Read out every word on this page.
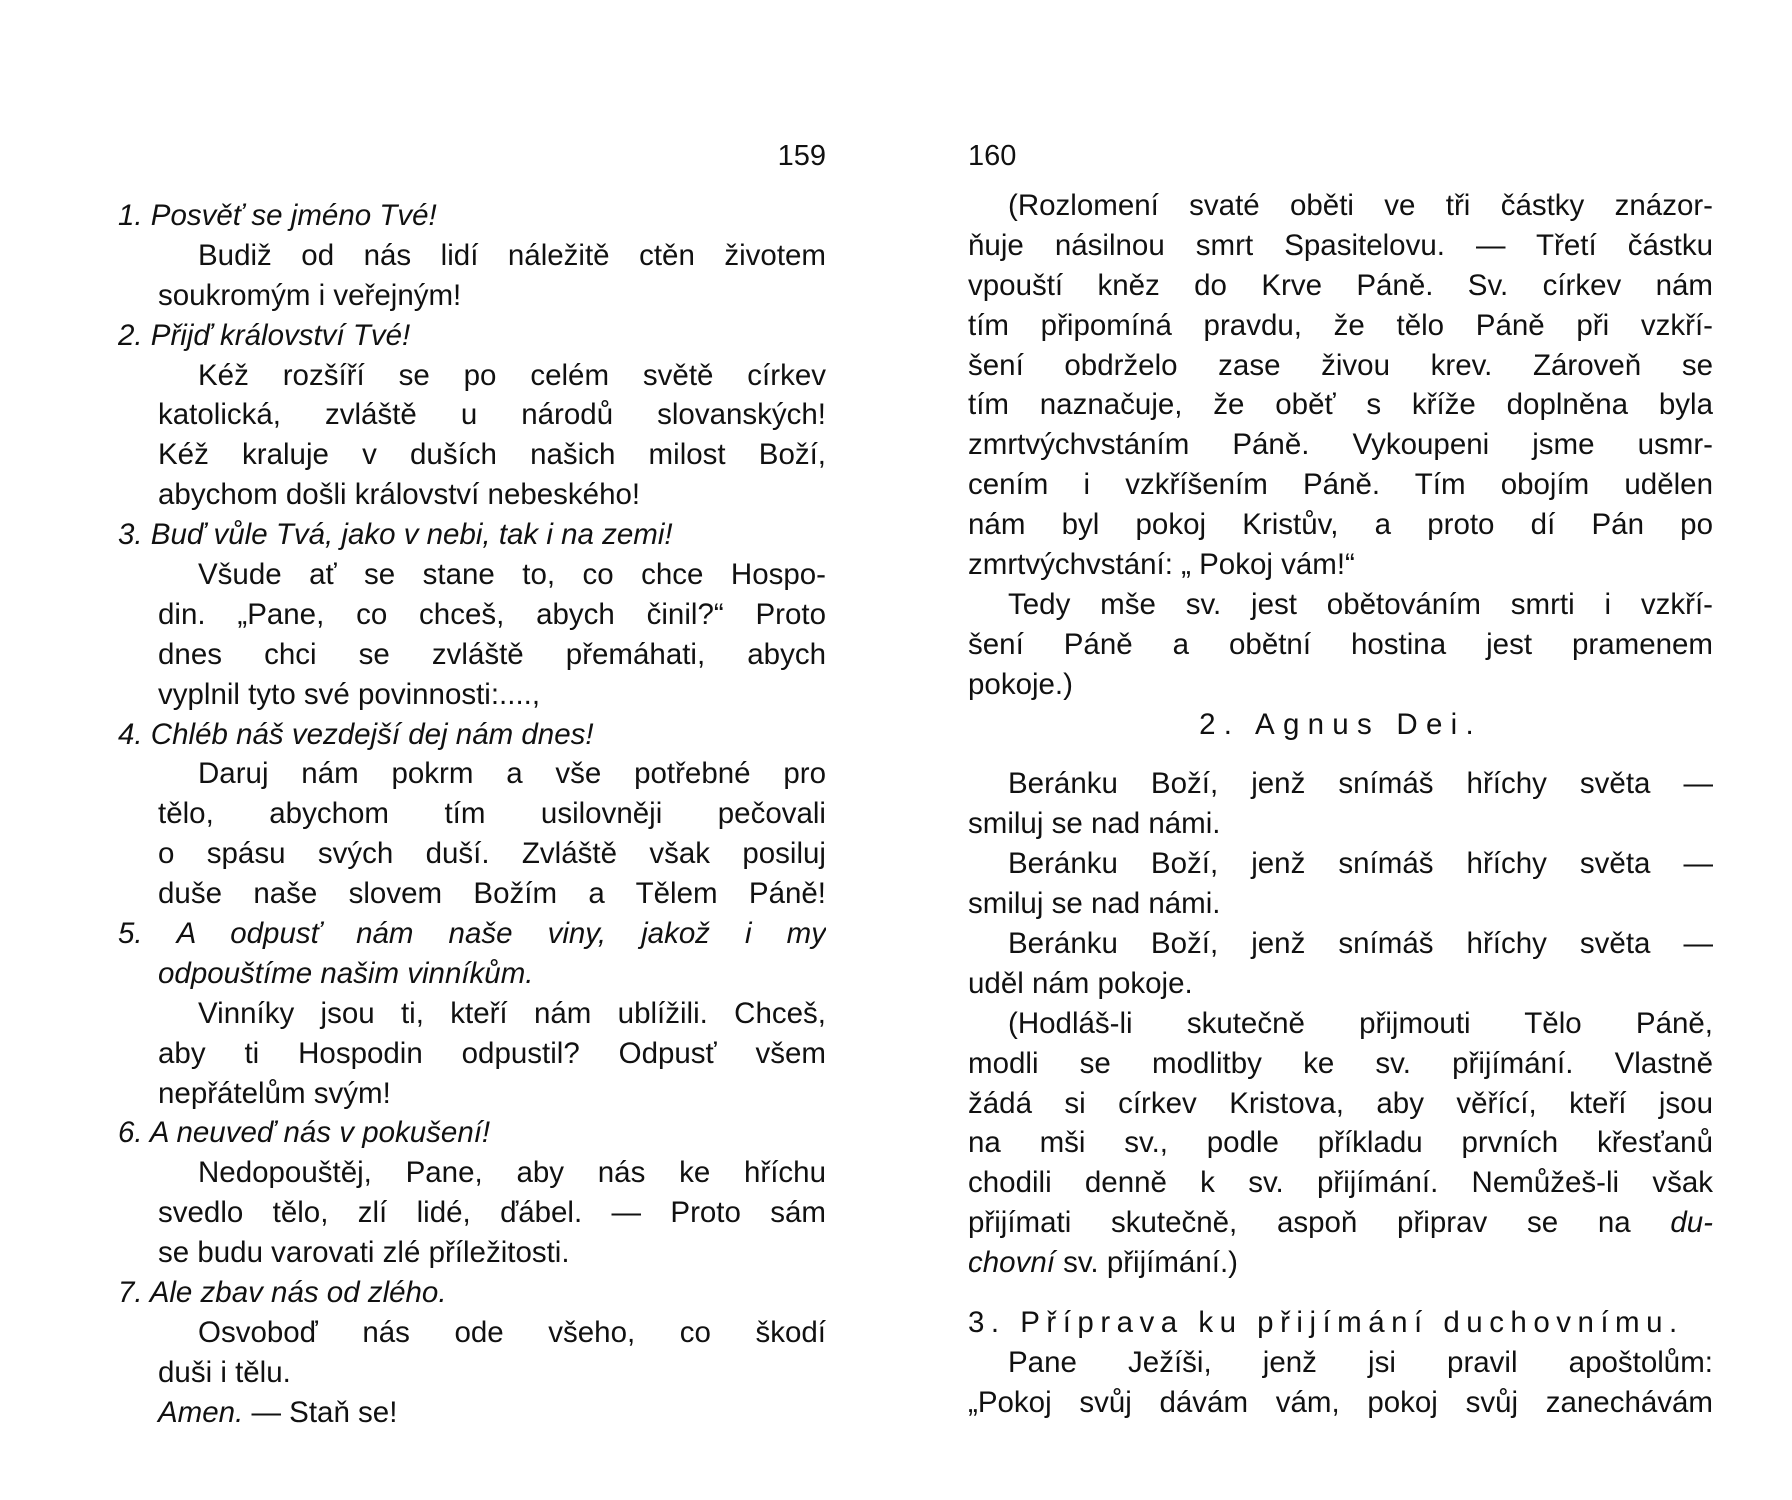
159
1. Posvěť se jméno Tvé!
Budiž od nás lidí náležitě ctěn životem
soukromým i veřejným!
2. Přijď království Tvé!
Kéž rozšíří se po celém světě církev
katolická, zvláště u národů slovanských!
Kéž kraluje v duších našich milost Boží,
abychom došli království nebeského!
3. Buď vůle Tvá, jako v nebi, tak i na zemi!
Všude ať se stane to, co chce Hospo-
din. „Pane, co chceš, abych činil?“ Proto
dnes chci se zvláště přemáhati, abych
vyplnil tyto své povinnosti:....,
4. Chléb náš vezdejší dej nám dnes!
Daruj nám pokrm a vše potřebné pro
tělo, abychom tím usilovněji pečovali
o spásu svých duší. Zvláště však posiluj
duše naše slovem Božím a Tělem Páně!
5. A odpusť nám naše viny, jakož i my
odpouštíme našim vinníkům.
Vinníky jsou ti, kteří nám ublížili. Chceš,
aby ti Hospodin odpustil? Odpusť všem
nepřátelům svým!
6. A neuveď nás v pokušení!
Nedopouštěj, Pane, aby nás ke hříchu
svedlo tělo, zlí lidé, ďábel. — Proto sám
se budu varovati zlé příležitosti.
7. Ale zbav nás od zlého.
Osvoboď nás ode všeho, co škodí
duši i tělu.
Amen. — Staň se!
160
(Rozlomení svaté oběti ve tři částky znázor-
ňuje násilnou smrt Spasitelovu. — Třetí částku
vpouští kněz do Krve Páně. Sv. církev nám
tím připomíná pravdu, že tělo Páně při vzkří-
šení obdrželo zase živou krev. Zároveň se
tím naznačuje, že oběť s kříže doplněna byla
zmrtvýchvstáním Páně. Vykoupeni jsme usmr-
cením i vzkříšením Páně. Tím obojím udělen
nám byl pokoj Kristův, a proto dí Pán po
zmrtvýchvstání: „ Pokoj vám!“
Tedy mše sv. jest obětováním smrti i vzkří-
šení Páně a obětní hostina jest pramenem
pokoje.)
2. Agnus Dei.
Beránku Boží, jenž snímáš hříchy světa —
smiluj se nad námi.
Beránku Boží, jenž snímáš hříchy světa —
smiluj se nad námi.
Beránku Boží, jenž snímáš hříchy světa —
uděl nám pokoje.
(Hodláš-li skutečně přijmouti Tělo Páně,
modli se modlitby ke sv. přijímání. Vlastně
žádá si církev Kristova, aby věřící, kteří jsou
na mši sv., podle příkladu prvních křesťanů
chodili denně k sv. přijímání. Nemůžeš-li však
přijímati skutečně, aspoň připrav se na du-
chovní sv. přijímání.)
3. Příprava ku přijímání duchovnímu.
Pane Ježíši, jenž jsi pravil apoštolům:
„Pokoj svůj dávám vám, pokoj svůj zanechávám
